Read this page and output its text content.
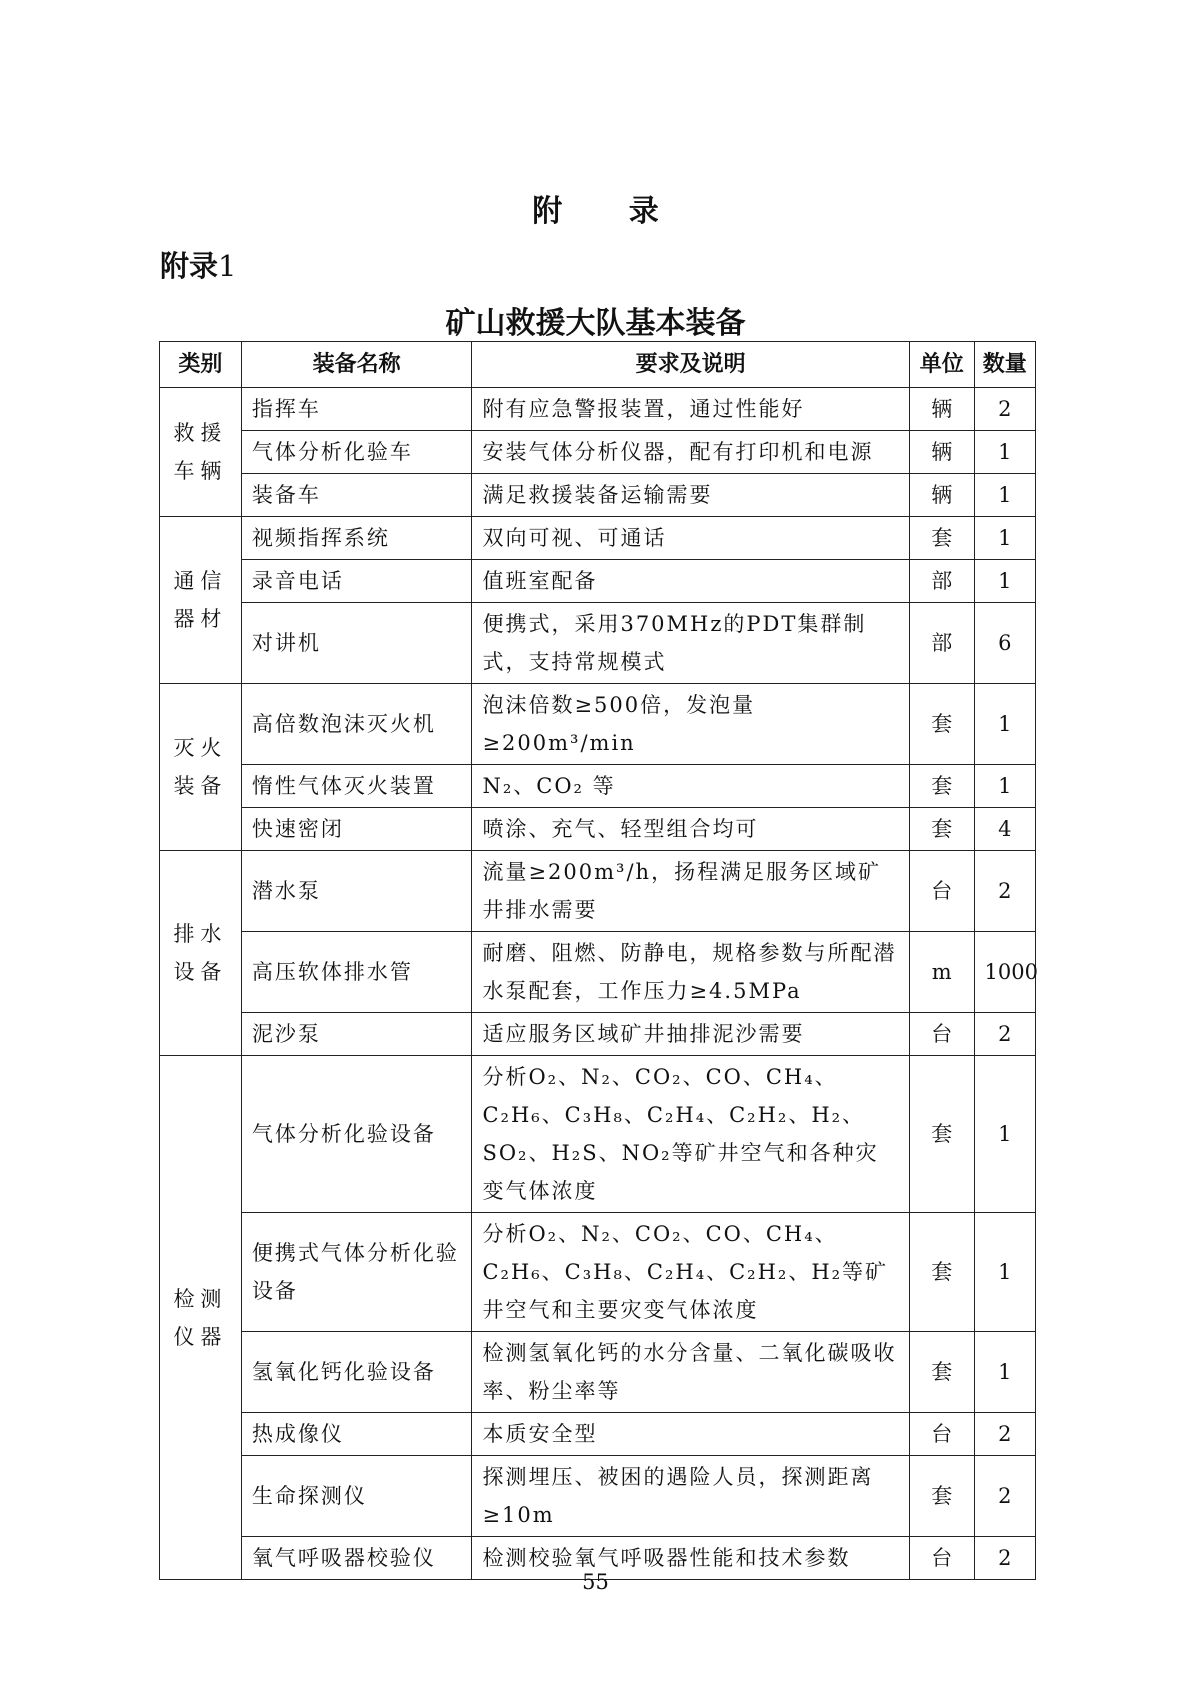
附 录
附录1
矿山救援大队基本装备
类别	装备名称	要求及说明	单位	数量
救援车辆	指挥车	附有应急警报装置，通过性能好	辆	2
	气体分析化验车	安装气体分析仪器，配有打印机和电源	辆	1
	装备车	满足救援装备运输需要	辆	1
通信器材	视频指挥系统	双向可视、可通话	套	1
	录音电话	值班室配备	部	1
	对讲机	便携式，采用370MHz的PDT集群制式，支持常规模式	部	6
灭火装备	高倍数泡沫灭火机	泡沫倍数≥500倍，发泡量≥200m³/min	套	1
	惰性气体灭火装置	N₂、CO₂ 等	套	1
	快速密闭	喷涂、充气、轻型组合均可	套	4
排水设备	潜水泵	流量≥200m³/h，扬程满足服务区域矿井排水需要	台	2
	高压软体排水管	耐磨、阻燃、防静电，规格参数与所配潜水泵配套，工作压力≥4.5MPa	m	1000
	泥沙泵	适应服务区域矿井抽排泥沙需要	台	2
检测仪器	气体分析化验设备	分析O₂、N₂、CO₂、CO、CH₄、C₂H₆、C₃H₈、C₂H₄、C₂H₂、H₂、SO₂、H₂S、NO₂等矿井空气和各种灾变气体浓度	套	1
	便携式气体分析化验设备	分析O₂、N₂、CO₂、CO、CH₄、C₂H₆、C₃H₈、C₂H₄、C₂H₂、H₂等矿井空气和主要灾变气体浓度	套	1
	氢氧化钙化验设备	检测氢氧化钙的水分含量、二氧化碳吸收率、粉尘率等	套	1
	热成像仪	本质安全型	台	2
	生命探测仪	探测埋压、被困的遇险人员，探测距离≥10m	套	2
	氧气呼吸器校验仪	检测校验氧气呼吸器性能和技术参数	台	2
55
